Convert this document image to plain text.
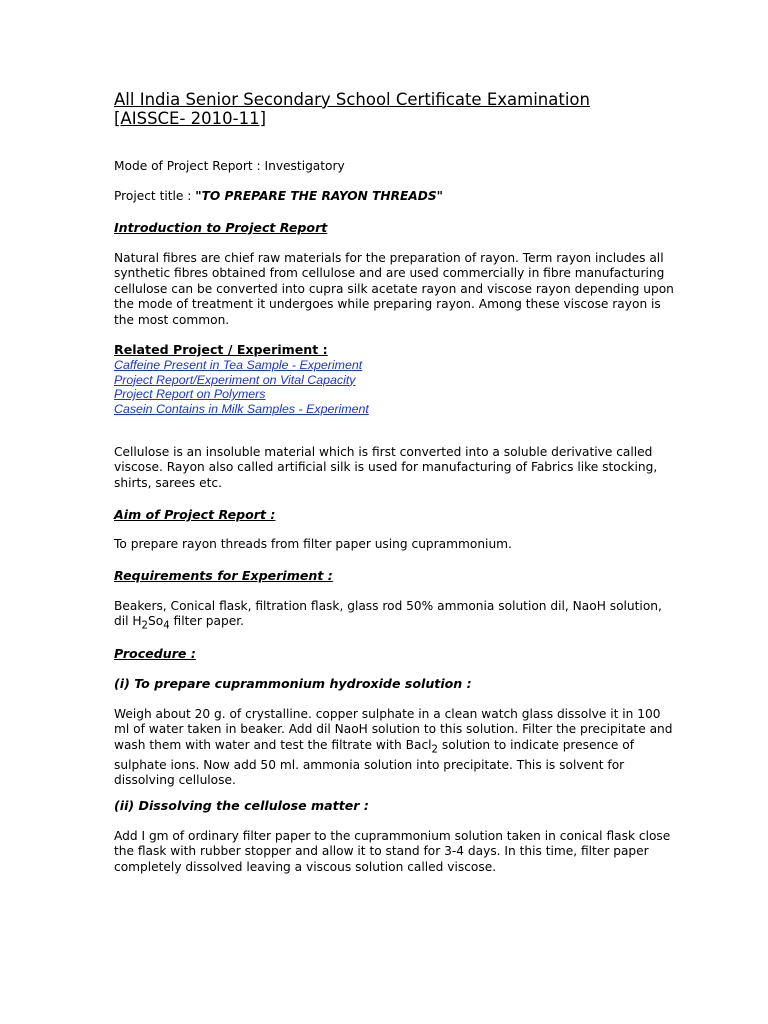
All India Senior Secondary School Certificate Examination
[AISSCE- 2010-11]
Mode of Project Report : Investigatory
Project title : "TO PREPARE THE RAYON THREADS"
Introduction to Project Report

Natural fibres are chief raw materials for the preparation of rayon. Term rayon includes all synthetic fibres obtained from cellulose and are used commercially in fibre manufacturing cellulose can be converted into cupra silk acetate rayon and viscose rayon depending upon the mode of treatment it undergoes while preparing rayon. Among these viscose rayon is the most common.

Related Project / Experiment :
Caffeine Present in Tea Sample - Experiment
Project Report/Experiment on Vital Capacity
Project Report on Polymers
Casein Contains in Milk Samples - Experiment

Cellulose is an insoluble material which is first converted into a soluble derivative called viscose. Rayon also called artificial silk is used for manufacturing of Fabrics like stocking, shirts, sarees etc.

Aim of Project Report :

To prepare rayon threads from filter paper using cuprammonium.

Requirements for Experiment :

Beakers, Conical flask, filtration flask, glass rod 50% ammonia solution dil, NaoH solution, dil $H_2So_4$ filter paper.

Procedure :
(i) To prepare cuprammonium hydroxide solution :

Weigh about 20 g. of crystalline. copper sulphate in a clean watch glass dissolve it in 100 ml of water taken in beaker. Add dil NaoH solution to this solution. Filter the precipitate and wash them with water and test the filtrate with Bacl$_2$ solution to indicate presence of sulphate ions. Now add 50 ml. ammonia solution into precipitate. This is solvent for dissolving cellulose.

(ii) Dissolving the cellulose matter :

Add I gm of ordinary filter paper to the cuprammonium solution taken in conical flask close the flask with rubber stopper and allow it to stand for 3-4 days. In this time, filter paper completely dissolved leaving a viscous solution called viscose.
